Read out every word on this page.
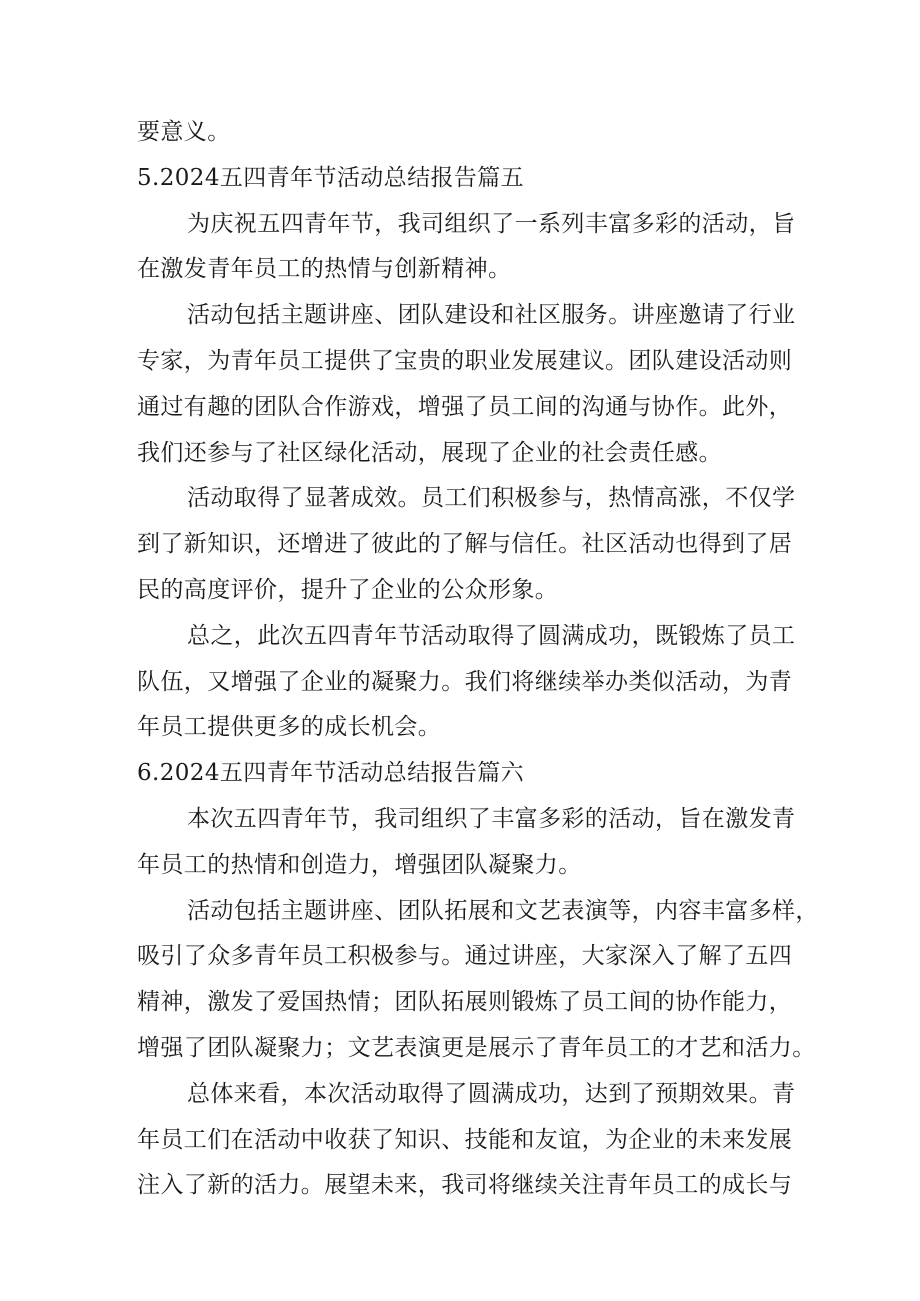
要意义。
5.2024五四青年节活动总结报告篇五
为庆祝五四青年节，我司组织了一系列丰富多彩的活动，旨
在激发青年员工的热情与创新精神。
活动包括主题讲座、团队建设和社区服务。讲座邀请了行业
专家，为青年员工提供了宝贵的职业发展建议。团队建设活动则
通过有趣的团队合作游戏，增强了员工间的沟通与协作。此外，
我们还参与了社区绿化活动，展现了企业的社会责任感。
活动取得了显著成效。员工们积极参与，热情高涨，不仅学
到了新知识，还增进了彼此的了解与信任。社区活动也得到了居
民的高度评价，提升了企业的公众形象。
总之，此次五四青年节活动取得了圆满成功，既锻炼了员工
队伍，又增强了企业的凝聚力。我们将继续举办类似活动，为青
年员工提供更多的成长机会。
6.2024五四青年节活动总结报告篇六
本次五四青年节，我司组织了丰富多彩的活动，旨在激发青
年员工的热情和创造力，增强团队凝聚力。
活动包括主题讲座、团队拓展和文艺表演等，内容丰富多样，
吸引了众多青年员工积极参与。通过讲座，大家深入了解了五四
精神，激发了爱国热情；团队拓展则锻炼了员工间的协作能力，
增强了团队凝聚力；文艺表演更是展示了青年员工的才艺和活力。
总体来看，本次活动取得了圆满成功，达到了预期效果。青
年员工们在活动中收获了知识、技能和友谊，为企业的未来发展
注入了新的活力。展望未来，我司将继续关注青年员工的成长与
